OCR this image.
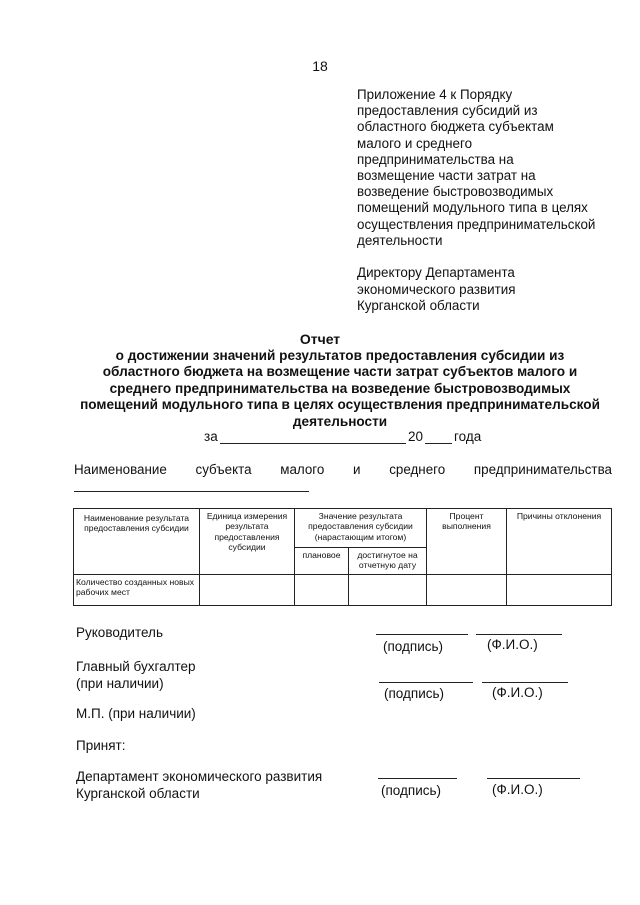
18
Приложение 4 к Порядку
предоставления субсидий из
областного бюджета субъектам
малого и среднего
предпринимательства на
возмещение части затрат на
возведение быстровозводимых
помещений модульного типа в целях
осуществления предпринимательской
деятельности
Директору Департамента
экономического развития
Курганской области
Отчет
о достижении значений результатов предоставления субсидии из
областного бюджета на возмещение части затрат субъектов малого и
среднего предпринимательства на возведение быстровозводимых
помещений модульного типа в целях осуществления предпринимательской
деятельности
за	20 года
Наименование субъекта малого и среднего предпринимательства
Наименование результата предоставления субсидии	Единица измерения результата предоставления субсидии	Значение результата предоставления субсидии (нарастающим итогом)		Процент выполнения	Причины отклонения
		плановое	достигнутое на отчетную дату		
Количество созданных новых рабочих мест					
Руководитель
(подпись)	(Ф.И.О.)
Главный бухгалтер
(при наличии)
(подпись)	(Ф.И.О.)
М.П. (при наличии)
Принят:
Департамент экономического развития
Курганской области	(подпись)	(Ф.И.О.)
